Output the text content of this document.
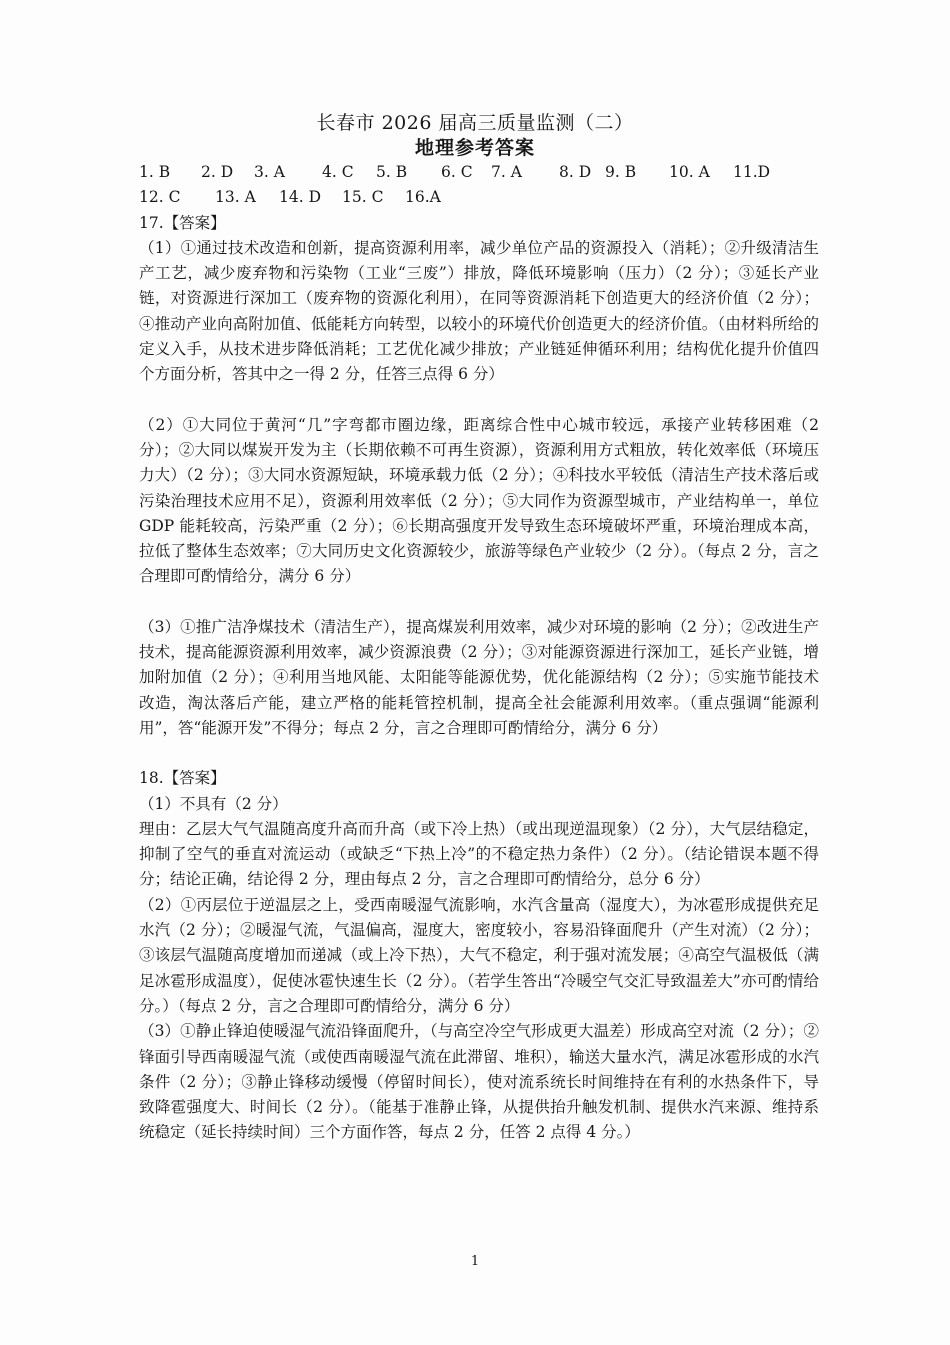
长春市 2026 届高三质量监测（二）
地理参考答案
1. B	2. D	3. A	4. C	5. B	6. C	7. A	8. D 9. B	10. A	11.D
12. C	13. A	14. D	15. C	16.A

17.【答案】

（1）①通过技术改造和创新，提高资源利用率，减少单位产品的资源投入（消耗）；②升级清洁生产工艺，减少废弃物和污染物（工业“三废”）排放，降低环境影响（压力）（2 分）；③延长产业链，对资源进行深加工（废弃物的资源化利用），在同等资源消耗下创造更大的经济价值（2 分）；④推动产业向高附加值、低能耗方向转型，以较小的环境代价创造更大的经济价值。（由材料所给的定义入手，从技术进步降低消耗；工艺优化减少排放；产业链延伸循环利用；结构优化提升价值四个方面分析，答其中之一得 2 分，任答三点得 6 分）

（2）①大同位于黄河“几”字弯都市圈边缘，距离综合性中心城市较远，承接产业转移困难（2 分）；②大同以煤炭开发为主（长期依赖不可再生资源），资源利用方式粗放，转化效率低（环境压力大）（2 分）；③大同水资源短缺，环境承载力低（2 分）；④科技水平较低（清洁生产技术落后或污染治理技术应用不足），资源利用效率低（2 分）；⑤大同作为资源型城市，产业结构单一，单位 GDP 能耗较高，污染严重（2 分）；⑥长期高强度开发导致生态环境破坏严重，环境治理成本高，拉低了整体生态效率；⑦大同历史文化资源较少，旅游等绿色产业较少（2 分）。（每点 2 分，言之合理即可酌情给分，满分 6 分）

（3）①推广洁净煤技术（清洁生产），提高煤炭利用效率，减少对环境的影响（2 分）；②改进生产技术，提高能源资源利用效率，减少资源浪费（2 分）；③对能源资源进行深加工，延长产业链，增加附加值（2 分）；④利用当地风能、太阳能等能源优势，优化能源结构（2 分）；⑤实施节能技术改造，淘汰落后产能，建立严格的能耗管控机制，提高全社会能源利用效率。（重点强调“能源利用”，答“能源开发”不得分；每点 2 分，言之合理即可酌情给分，满分 6 分）

18.【答案】

（1）不具有（2 分）

理由：乙层大气气温随高度升高而升高（或下冷上热）（或出现逆温现象）（2 分），大气层结稳定，抑制了空气的垂直对流运动（或缺乏“下热上冷”的不稳定热力条件）（2 分）。（结论错误本题不得分；结论正确，结论得 2 分，理由每点 2 分，言之合理即可酌情给分，总分 6 分）

（2）①丙层位于逆温层之上，受西南暖湿气流影响，水汽含量高（湿度大），为冰雹形成提供充足水汽（2 分）；②暖湿气流，气温偏高，湿度大，密度较小，容易沿锋面爬升（产生对流）（2 分）；③该层气温随高度增加而递减（或上冷下热），大气不稳定，利于强对流发展；④高空气温极低（满足冰雹形成温度），促使冰雹快速生长（2 分）。（若学生答出“冷暖空气交汇导致温差大”亦可酌情给分。）（每点 2 分，言之合理即可酌情给分，满分 6 分）

（3）①静止锋迫使暖湿气流沿锋面爬升，（与高空冷空气形成更大温差）形成高空对流（2 分）；②锋面引导西南暖湿气流（或使西南暖湿气流在此滞留、堆积），输送大量水汽，满足冰雹形成的水汽条件（2 分）；③静止锋移动缓慢（停留时间长），使对流系统长时间维持在有利的水热条件下，导致降雹强度大、时间长（2 分）。（能基于准静止锋，从提供抬升触发机制、提供水汽来源、维持系统稳定（延长持续时间）三个方面作答，每点 2 分，任答 2 点得 4 分。）

1
